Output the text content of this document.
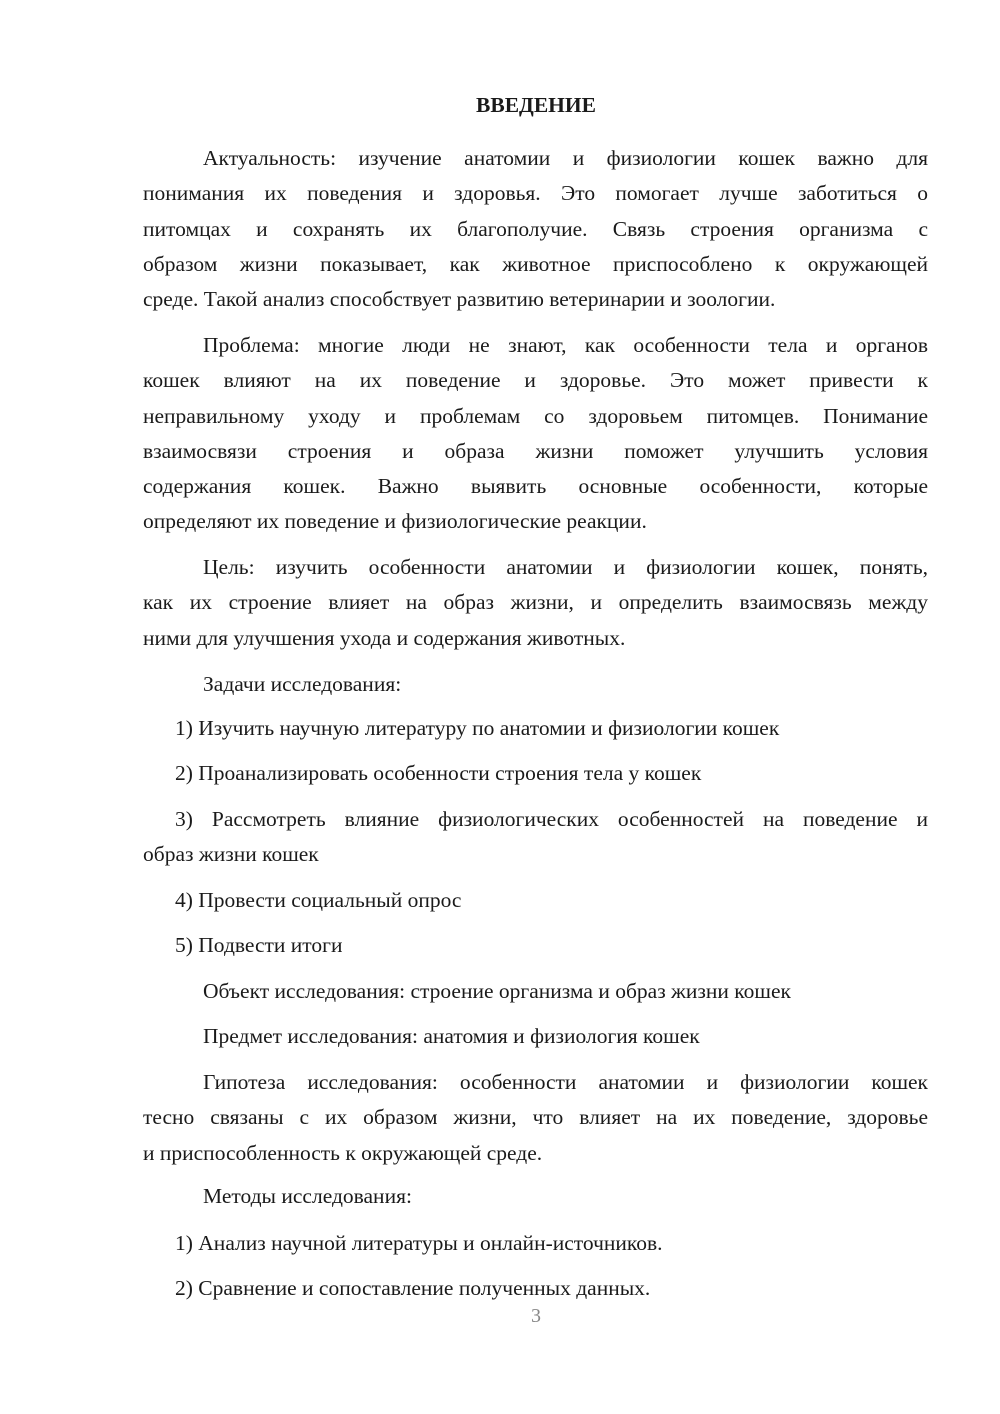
ВВЕДЕНИЕ
Актуальность: изучение анатомии и физиологии кошек важно для
понимания их поведения и здоровья. Это помогает лучше заботиться о
питомцах и сохранять их благополучие. Связь строения организма с
образом жизни показывает, как животное приспособлено к окружающей
среде. Такой анализ способствует развитию ветеринарии и зоологии.
Проблема: многие люди не знают, как особенности тела и органов
кошек влияют на их поведение и здоровье. Это может привести к
неправильному уходу и проблемам со здоровьем питомцев. Понимание
взаимосвязи строения и образа жизни поможет улучшить условия
содержания кошек. Важно выявить основные особенности, которые
определяют их поведение и физиологические реакции.
Цель: изучить особенности анатомии и физиологии кошек, понять,
как их строение влияет на образ жизни, и определить взаимосвязь между
ними для улучшения ухода и содержания животных.
Задачи исследования:
1) Изучить научную литературу по анатомии и физиологии кошек
2) Проанализировать особенности строения тела у кошек
3) Рассмотреть влияние физиологических особенностей на поведение и
образ жизни кошек
4) Провести социальный опрос
5) Подвести итоги
Объект исследования: строение организма и образ жизни кошек
Предмет исследования: анатомия и физиология кошек
Гипотеза исследования: особенности анатомии и физиологии кошек
тесно связаны с их образом жизни, что влияет на их поведение, здоровье
и приспособленность к окружающей среде.
Методы исследования:
1) Анализ научной литературы и онлайн-источников.
2) Сравнение и сопоставление полученных данных.
3
